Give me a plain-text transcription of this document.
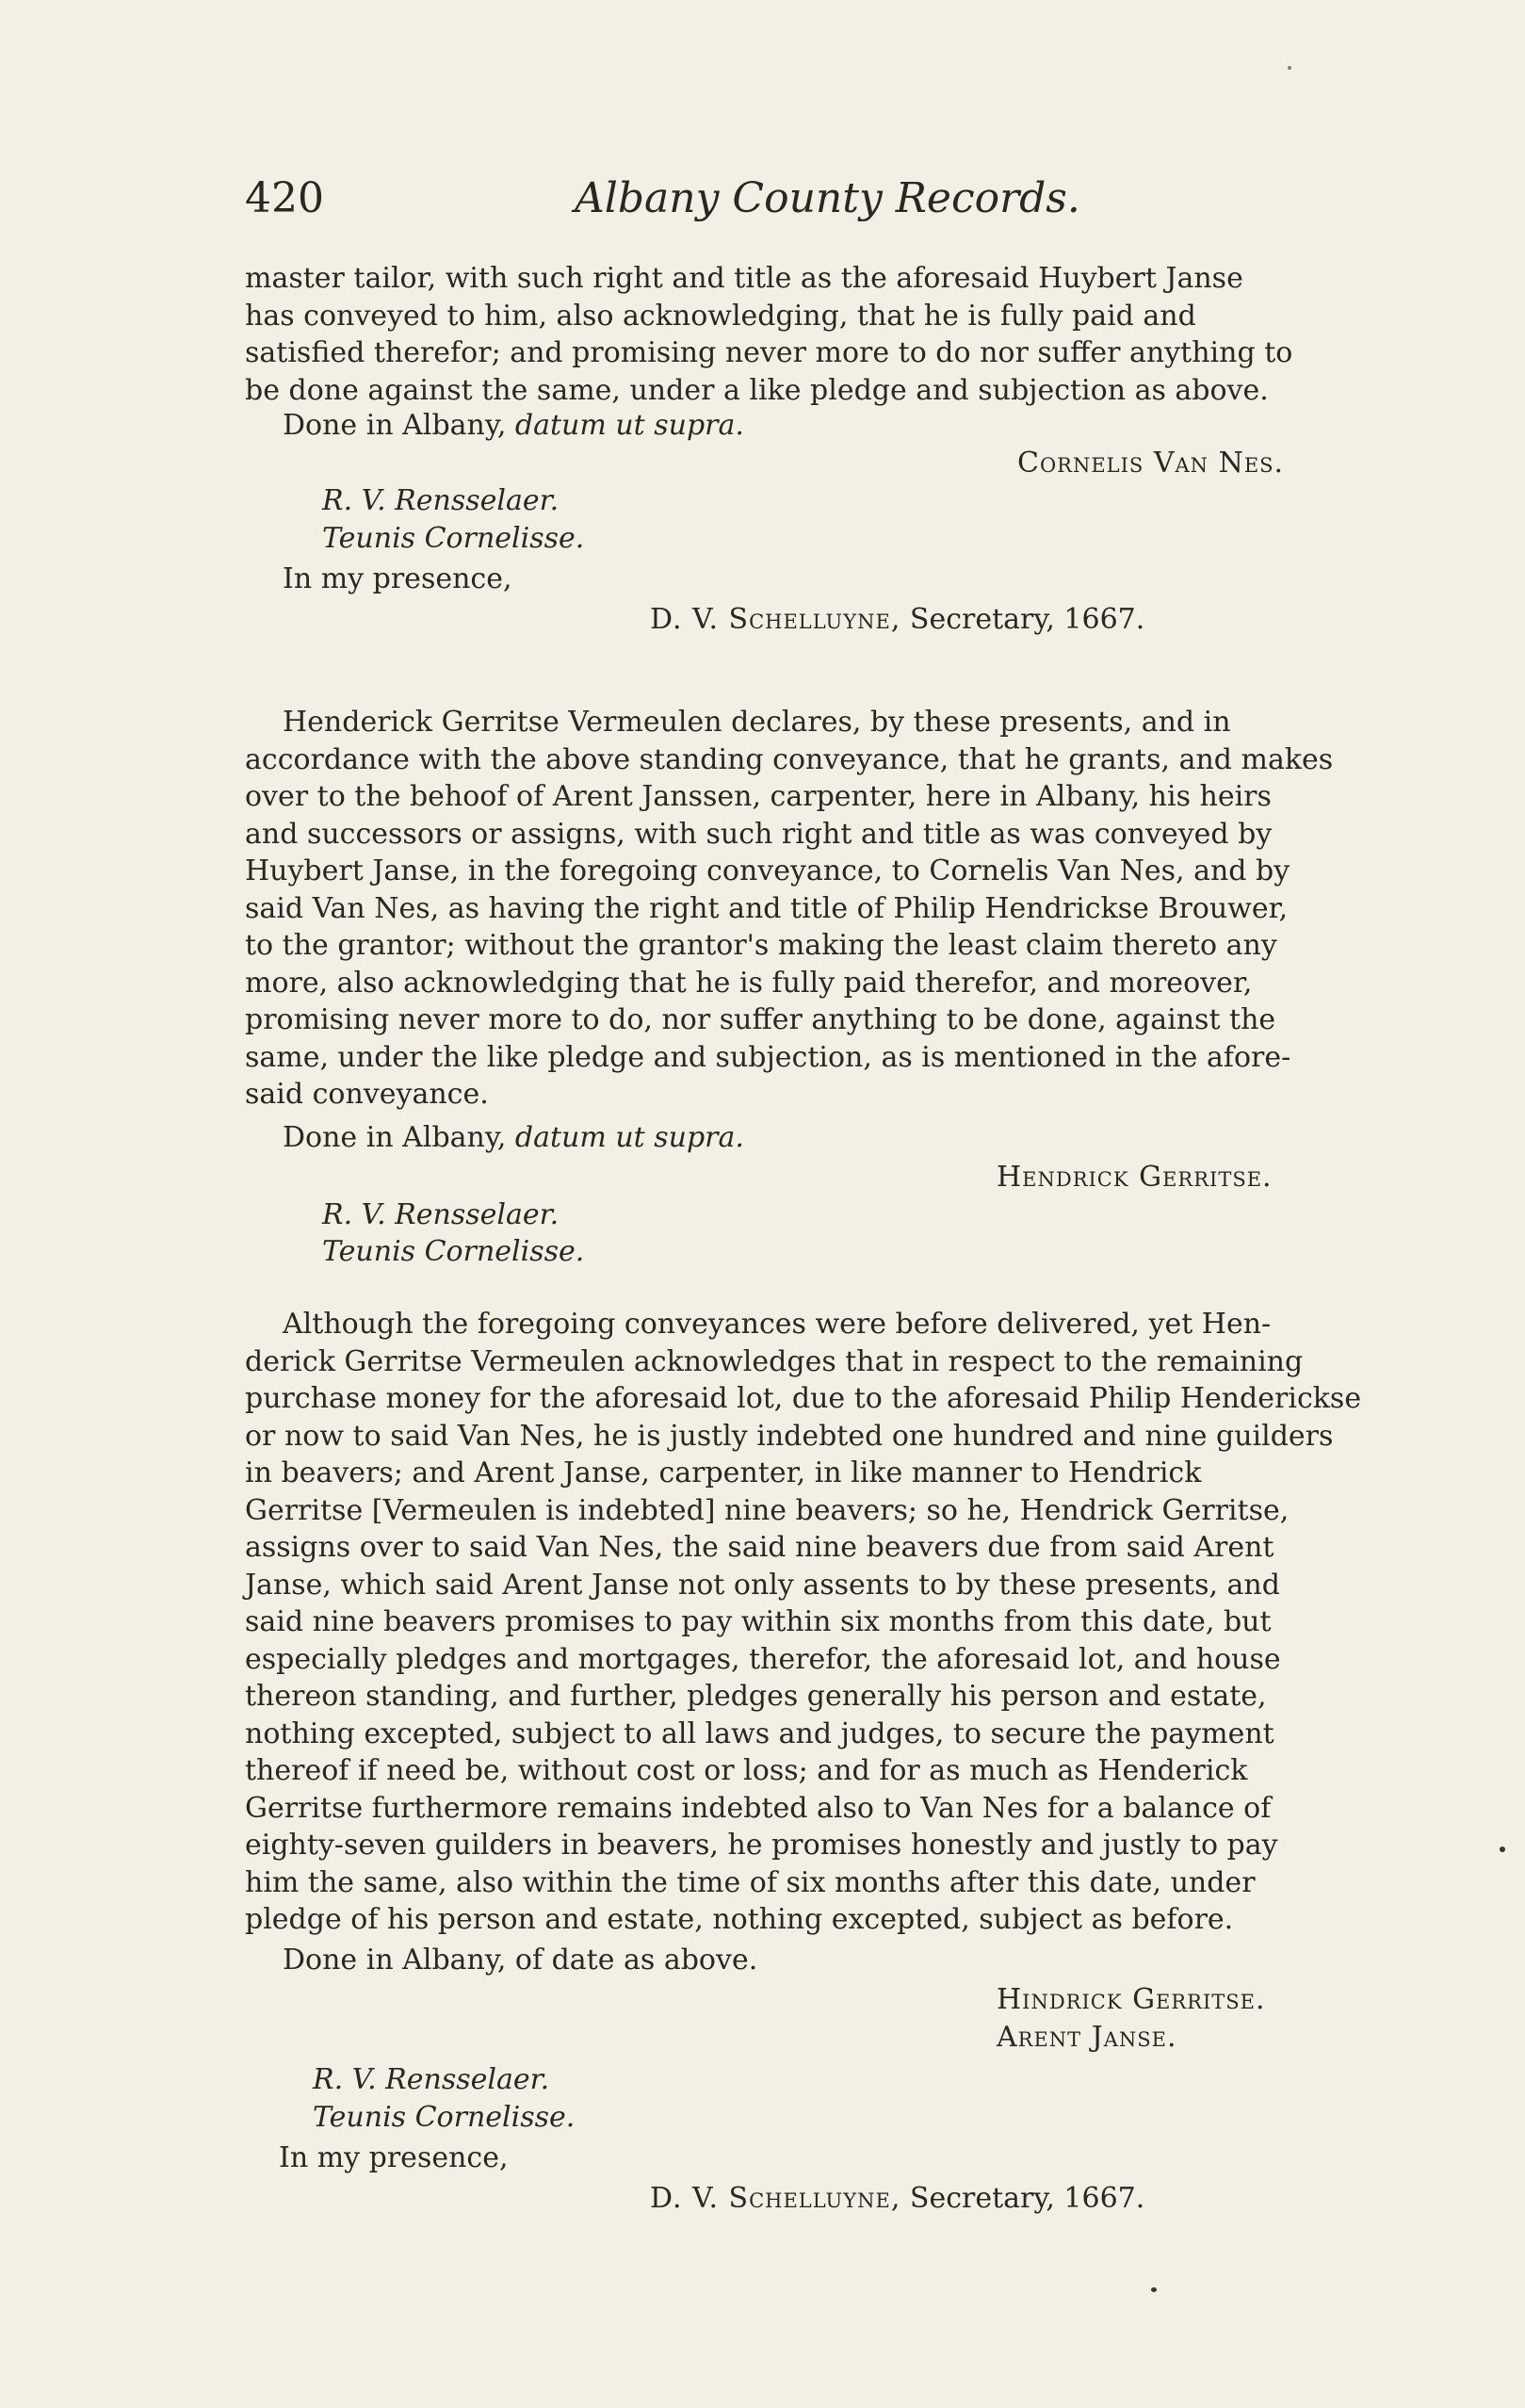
420	Albany County Records.
master tailor, with such right and title as the aforesaid Huybert Janse
has conveyed to him, also acknowledging, that he is fully paid and
satisfied therefor; and promising never more to do nor suffer anything to
be done against the same, under a like pledge and subjection as above.
Done in Albany, datum ut supra.
Cornelis Van Nes.
R. V. Rensselaer.
Teunis Cornelisse.
In my presence,
D. V. Schelluyne, Secretary, 1667.
Henderick Gerritse Vermeulen declares, by these presents, and in
accordance with the above standing conveyance, that he grants, and makes
over to the behoof of Arent Janssen, carpenter, here in Albany, his heirs
and successors or assigns, with such right and title as was conveyed by
Huybert Janse, in the foregoing conveyance, to Cornelis Van Nes, and by
said Van Nes, as having the right and title of Philip Hendrickse Brouwer,
to the grantor; without the grantor's making the least claim thereto any
more, also acknowledging that he is fully paid therefor, and moreover,
promising never more to do, nor suffer anything to be done, against the
same, under the like pledge and subjection, as is mentioned in the afore-
said conveyance.
Done in Albany, datum ut supra.
Hendrick Gerritse.
R. V. Rensselaer.
Teunis Cornelisse.
Although the foregoing conveyances were before delivered, yet Hen-
derick Gerritse Vermeulen acknowledges that in respect to the remaining
purchase money for the aforesaid lot, due to the aforesaid Philip Henderickse
or now to said Van Nes, he is justly indebted one hundred and nine guilders
in beavers; and Arent Janse, carpenter, in like manner to Hendrick
Gerritse [Vermeulen is indebted] nine beavers; so he, Hendrick Gerritse,
assigns over to said Van Nes, the said nine beavers due from said Arent
Janse, which said Arent Janse not only assents to by these presents, and
said nine beavers promises to pay within six months from this date, but
especially pledges and mortgages, therefor, the aforesaid lot, and house
thereon standing, and further, pledges generally his person and estate,
nothing excepted, subject to all laws and judges, to secure the payment
thereof if need be, without cost or loss; and for as much as Henderick
Gerritse furthermore remains indebted also to Van Nes for a balance of
eighty-seven guilders in beavers, he promises honestly and justly to pay
him the same, also within the time of six months after this date, under
pledge of his person and estate, nothing excepted, subject as before.
Done in Albany, of date as above.
Hindrick Gerritse.
Arent Janse.
R. V. Rensselaer.
Teunis Cornelisse.
In my presence,
D. V. Schelluyne, Secretary, 1667.
